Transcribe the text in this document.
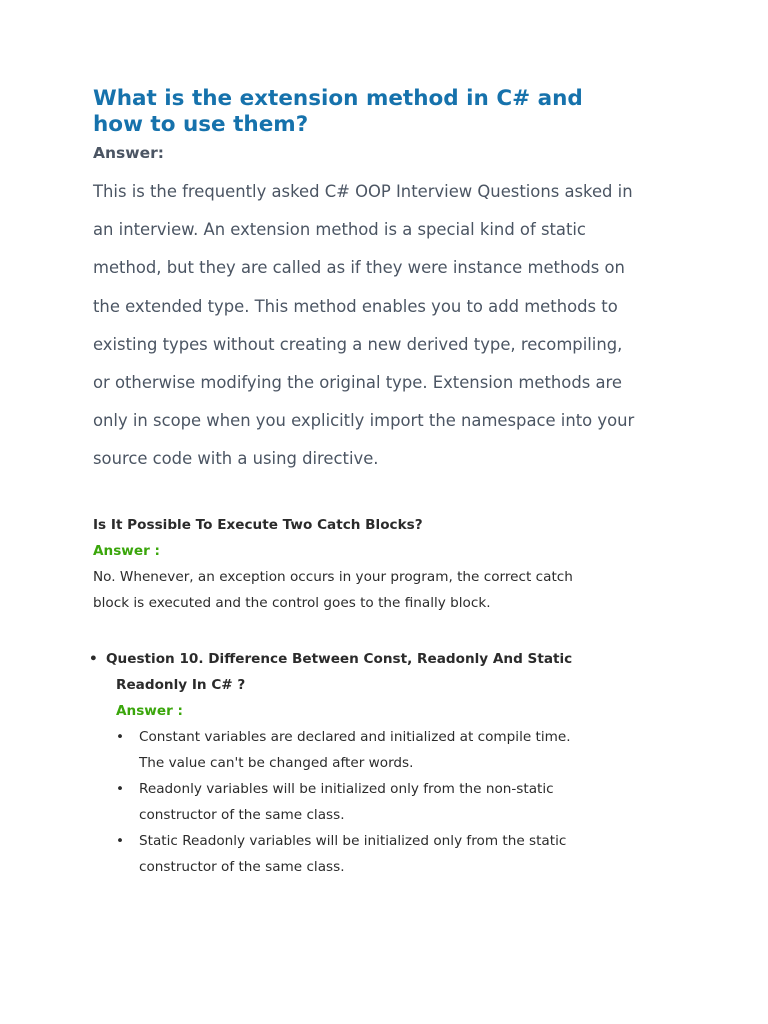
What is the extension method in C# and
how to use them?
Answer:

This is the frequently asked C# OOP Interview Questions asked in
an interview. An extension method is a special kind of static
method, but they are called as if they were instance methods on
the extended type. This method enables you to add methods to
existing types without creating a new derived type, recompiling,
or otherwise modifying the original type. Extension methods are
only in scope when you explicitly import the namespace into your
source code with a using directive.

Is It Possible To Execute Two Catch Blocks?
Answer :
No. Whenever, an exception occurs in your program, the correct catch
block is executed and the control goes to the finally block.
• Question 10. Difference Between Const, Readonly And Static
Readonly In C# ?
Answer :
• Constant variables are declared and initialized at compile time.
The value can't be changed after words.
• Readonly variables will be initialized only from the non-static
constructor of the same class.
• Static Readonly variables will be initialized only from the static
constructor of the same class.
